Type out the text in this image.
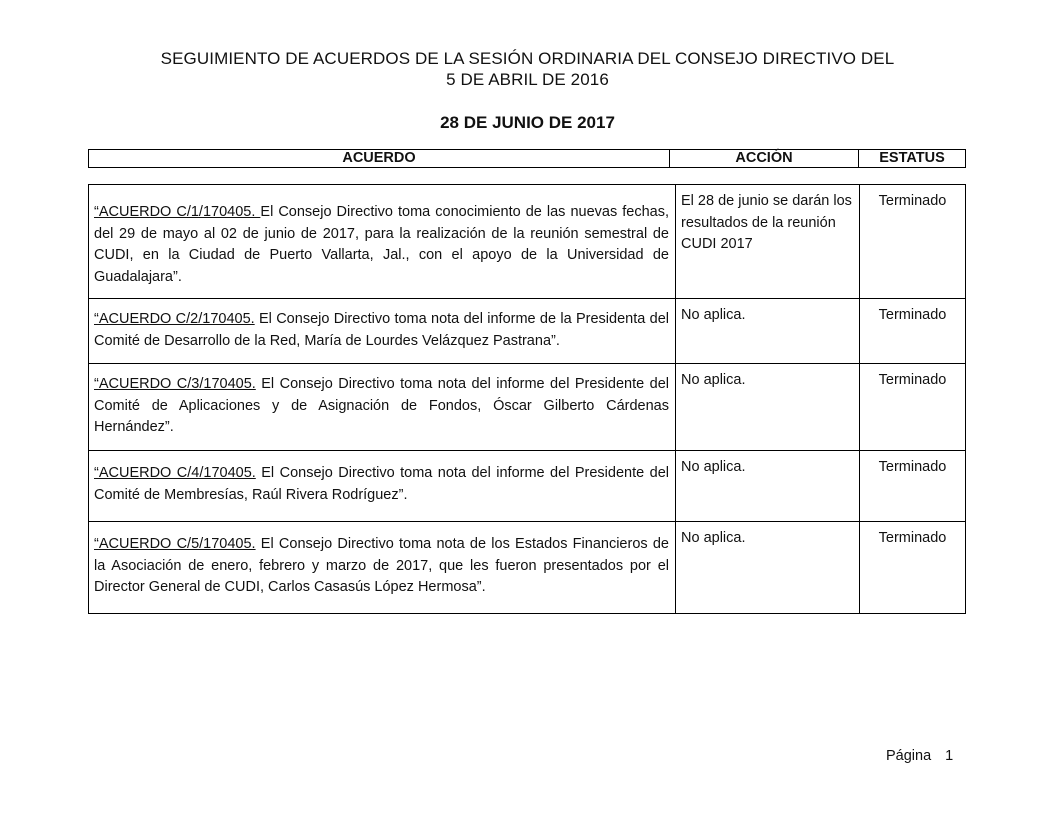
SEGUIMIENTO DE ACUERDOS DE LA SESIÓN ORDINARIA DEL CONSEJO DIRECTIVO DEL
5 DE ABRIL DE 2016
28 DE JUNIO DE 2017
ACUERDO	ACCIÓN	ESTATUS
“ACUERDO C/1/170405. El Consejo Directivo toma conocimiento de las nuevas fechas, del 29 de mayo al 02 de junio de 2017, para la realización de la reunión semestral de CUDI, en la Ciudad de Puerto Vallarta, Jal., con el apoyo de la Universidad de Guadalajara”.	El 28 de junio se darán los resultados de la reunión CUDI 2017	Terminado
“ACUERDO C/2/170405. El Consejo Directivo toma nota del informe de la Presidenta del Comité de Desarrollo de la Red, María de Lourdes Velázquez Pastrana”.	No aplica.	Terminado
“ACUERDO C/3/170405. El Consejo Directivo toma nota del informe del Presidente del Comité de Aplicaciones y de Asignación de Fondos, Óscar Gilberto Cárdenas Hernández”.	No aplica.	Terminado
“ACUERDO C/4/170405. El Consejo Directivo toma nota del informe del Presidente del Comité de Membresías, Raúl Rivera Rodríguez”.	No aplica.	Terminado
“ACUERDO C/5/170405. El Consejo Directivo toma nota de los Estados Financieros de la Asociación de enero, febrero y marzo de 2017, que les fueron presentados por el Director General de CUDI, Carlos Casasús López Hermosa”.	No aplica.	Terminado
Página 1
